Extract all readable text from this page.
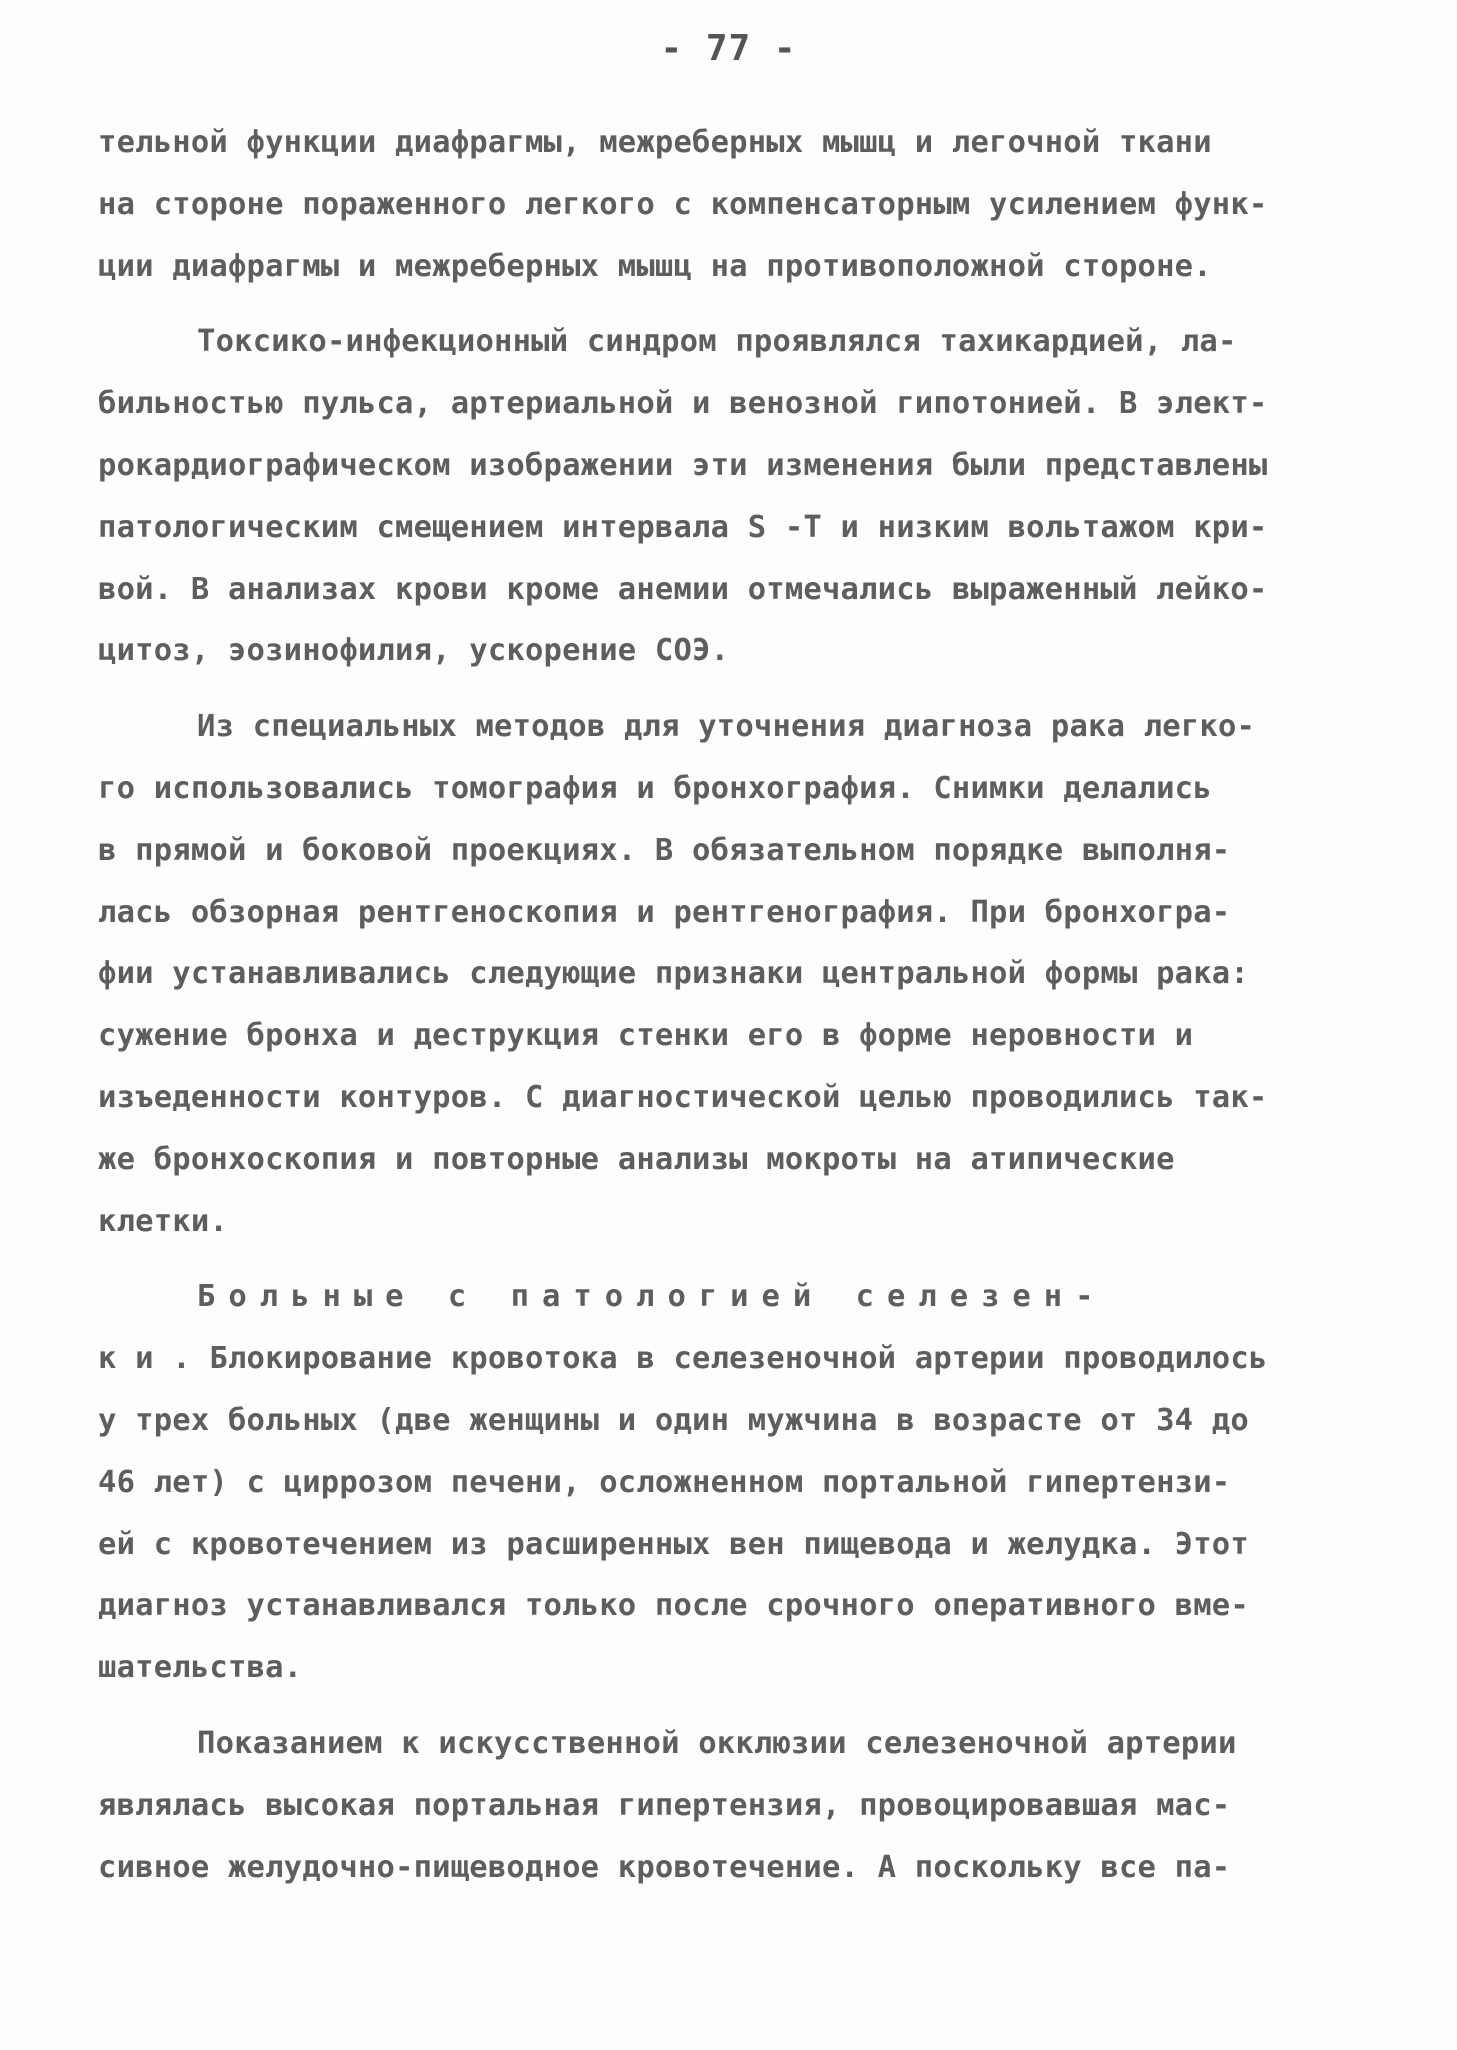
- 77 -
тельной функции диафрагмы, межреберных мышц и легочной ткани
на стороне пораженного легкого с компенсаторным усилением функ-
ции диафрагмы и межреберных мышц на противоположной стороне.
Токсико-инфекционный синдром проявлялся тахикардией, ла-
бильностью пульса, артериальной и венозной гипотонией. В элект-
рокардиографическом изображении эти изменения были представлены
патологическим смещением интервала S -Т и низким вольтажом кри-
вой. В анализах крови кроме анемии отмечались выраженный лейко-
цитоз, эозинофилия, ускорение СОЭ.
Из специальных методов для уточнения диагноза рака легко-
го использовались томография и бронхография. Снимки делались
в прямой и боковой проекциях. В обязательном порядке выполня-
лась обзорная рентгеноскопия и рентгенография. При бронхогра-
фии устанавливались следующие признаки центральной формы рака:
сужение бронха и деструкция стенки его в форме неровности и
изъеденности контуров. С диагностической целью проводились так-
же бронхоскопия и повторные анализы мокроты на атипические
клетки.
Больные с патологией селезен-
к и . Блокирование кровотока в селезеночной артерии проводилось
у трех больных (две женщины и один мужчина в возрасте от 34 до
46 лет) с циррозом печени, осложненном портальной гипертензи-
ей с кровотечением из расширенных вен пищевода и желудка. Этот
диагноз устанавливался только после срочного оперативного вме-
шательства.
Показанием к искусственной окклюзии селезеночной артерии
являлась высокая портальная гипертензия, провоцировавшая мас-
сивное желудочно-пищеводное кровотечение. А поскольку все па-
